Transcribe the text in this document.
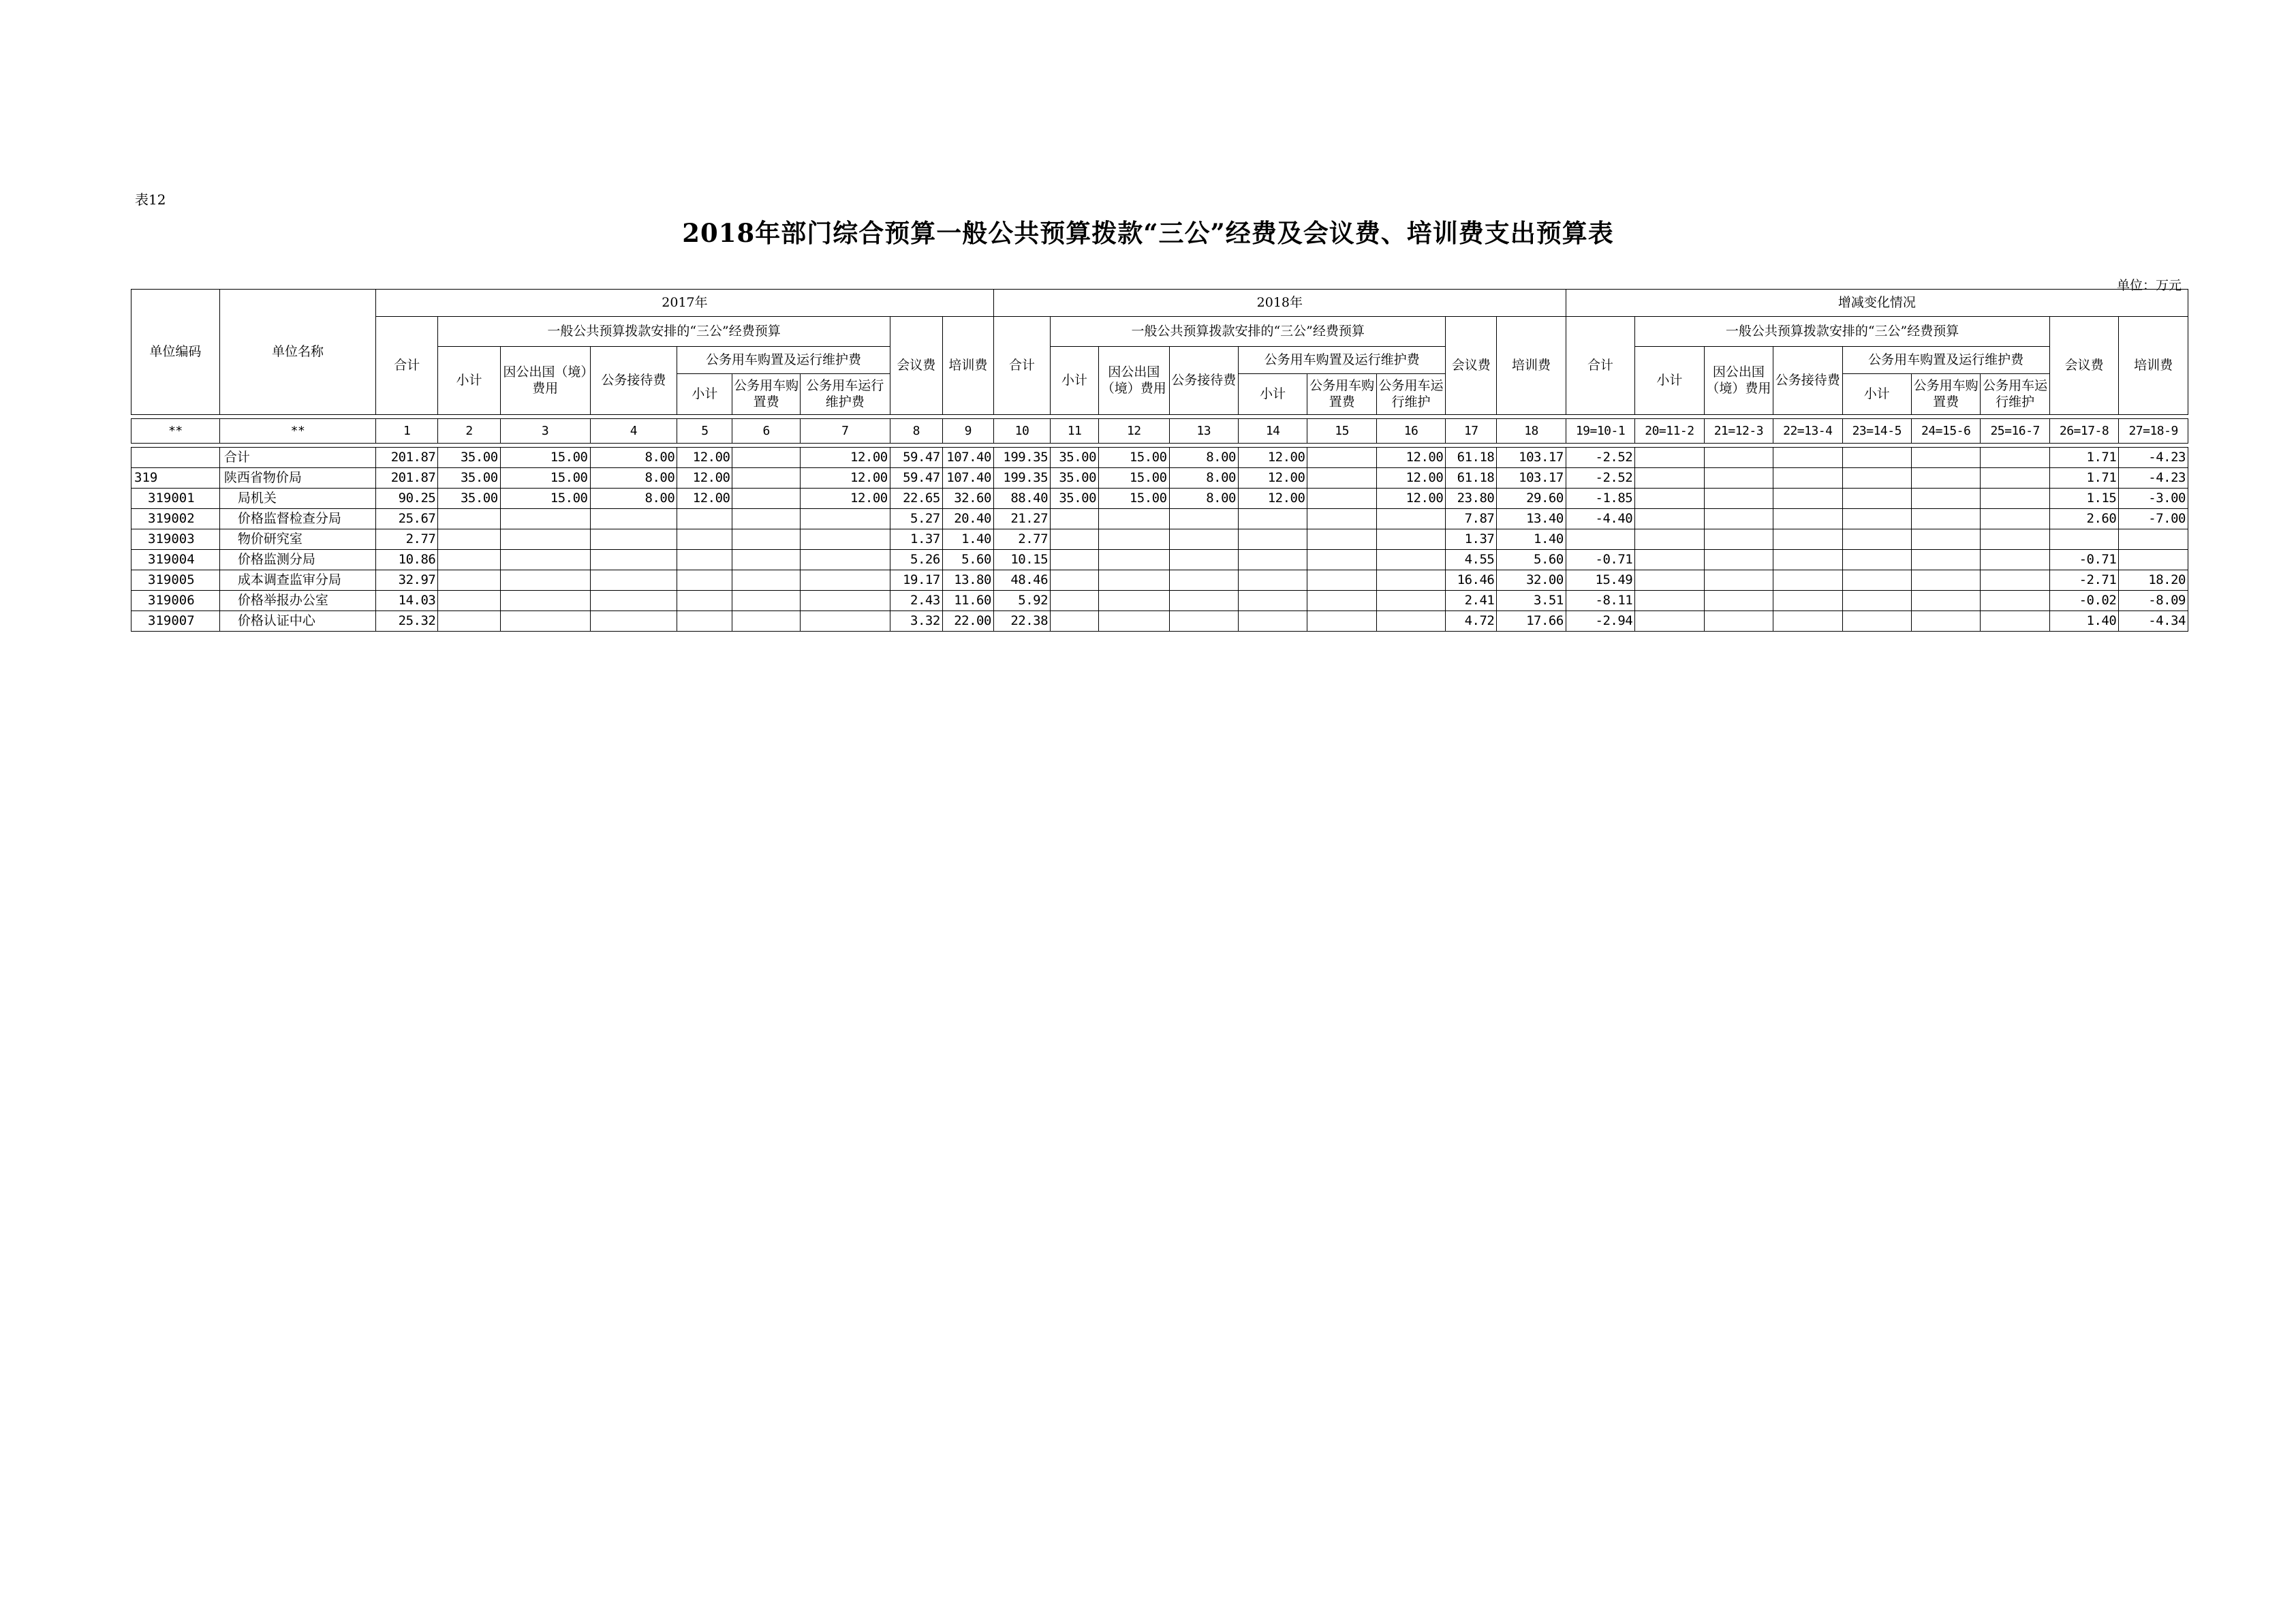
表12
2018年部门综合预算一般公共预算拨款“三公”经费及会议费、培训费支出预算表
单位：万元
单位编码	单位名称	2017年									2018年									增减变化情况								
		合计	一般公共预算拨款安排的“三公”经费预算						会议费	培训费	合计	一般公共预算拨款安排的“三公”经费预算						会议费	培训费	合计	一般公共预算拨款安排的“三公”经费预算						会议费	培训费
			小计	因公出国（境）费用	公务接待费	公务用车购置及运行维护费						小计	因公出国（境）费用	公务接待费	公务用车购置及运行维护费						小计	因公出国（境）费用	公务接待费	公务用车购置及运行维护费				
						小计	公务用车购置费	公务用车运行维护费							小计	公务用车购置费	公务用车运行维护							小计	公务用车购置费	公务用车运行维护		

**	**	1	2	3	4	5	6	7	8	9	10	11	12	13	14	15	16	17	18	19=10-1	20=11-2	21=12-3	22=13-4	23=14-5	24=15-6	25=16-7	26=17-8	27=18-9

	合计	201.87	35.00	15.00	8.00	12.00		12.00	59.47	107.40	199.35	35.00	15.00	8.00	12.00		12.00	61.18	103.17	-2.52							1.71	-4.23
319	陕西省物价局	201.87	35.00	15.00	8.00	12.00		12.00	59.47	107.40	199.35	35.00	15.00	8.00	12.00		12.00	61.18	103.17	-2.52							1.71	-4.23
319001	局机关	90.25	35.00	15.00	8.00	12.00		12.00	22.65	32.60	88.40	35.00	15.00	8.00	12.00		12.00	23.80	29.60	-1.85							1.15	-3.00
319002	价格监督检查分局	25.67							5.27	20.40	21.27							7.87	13.40	-4.40							2.60	-7.00
319003	物价研究室	2.77							1.37	1.40	2.77							1.37	1.40									
319004	价格监测分局	10.86							5.26	5.60	10.15							4.55	5.60	-0.71							-0.71	
319005	成本调查监审分局	32.97							19.17	13.80	48.46							16.46	32.00	15.49							-2.71	18.20
319006	价格举报办公室	14.03							2.43	11.60	5.92							2.41	3.51	-8.11							-0.02	-8.09
319007	价格认证中心	25.32							3.32	22.00	22.38							4.72	17.66	-2.94							1.40	-4.34
